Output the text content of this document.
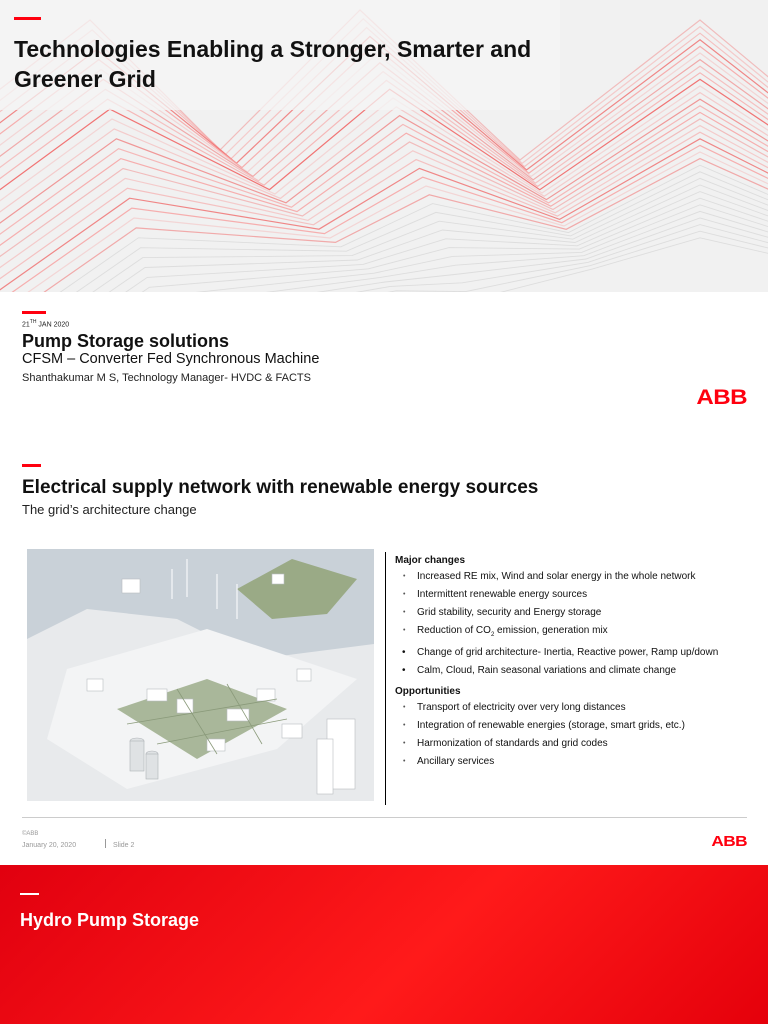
Technologies Enabling a Stronger, Smarter and Greener Grid
21TH JAN 2020
Pump Storage solutions
CFSM – Converter Fed Synchronous Machine
Shanthakumar M S, Technology Manager- HVDC & FACTS
ABB
Electrical supply network with renewable energy sources
The grid’s architecture change
Major changes
• Increased RE mix, Wind and solar energy in the whole network
• Intermittent renewable energy sources
• Grid stability, security and Energy storage
• Reduction of $CO_2$ emission, generation mix
• Change of grid architecture- Inertia, Reactive power, Ramp up/down
• Calm, Cloud, Rain seasonal variations and climate change
Opportunities
• Transport of electricity over very long distances
• Integration of renewable energies (storage, smart grids, etc.)
• Harmonization of standards and grid codes
• Ancillary services
©ABB
January 20, 2020	Slide 2	ABB
Hydro Pump Storage
